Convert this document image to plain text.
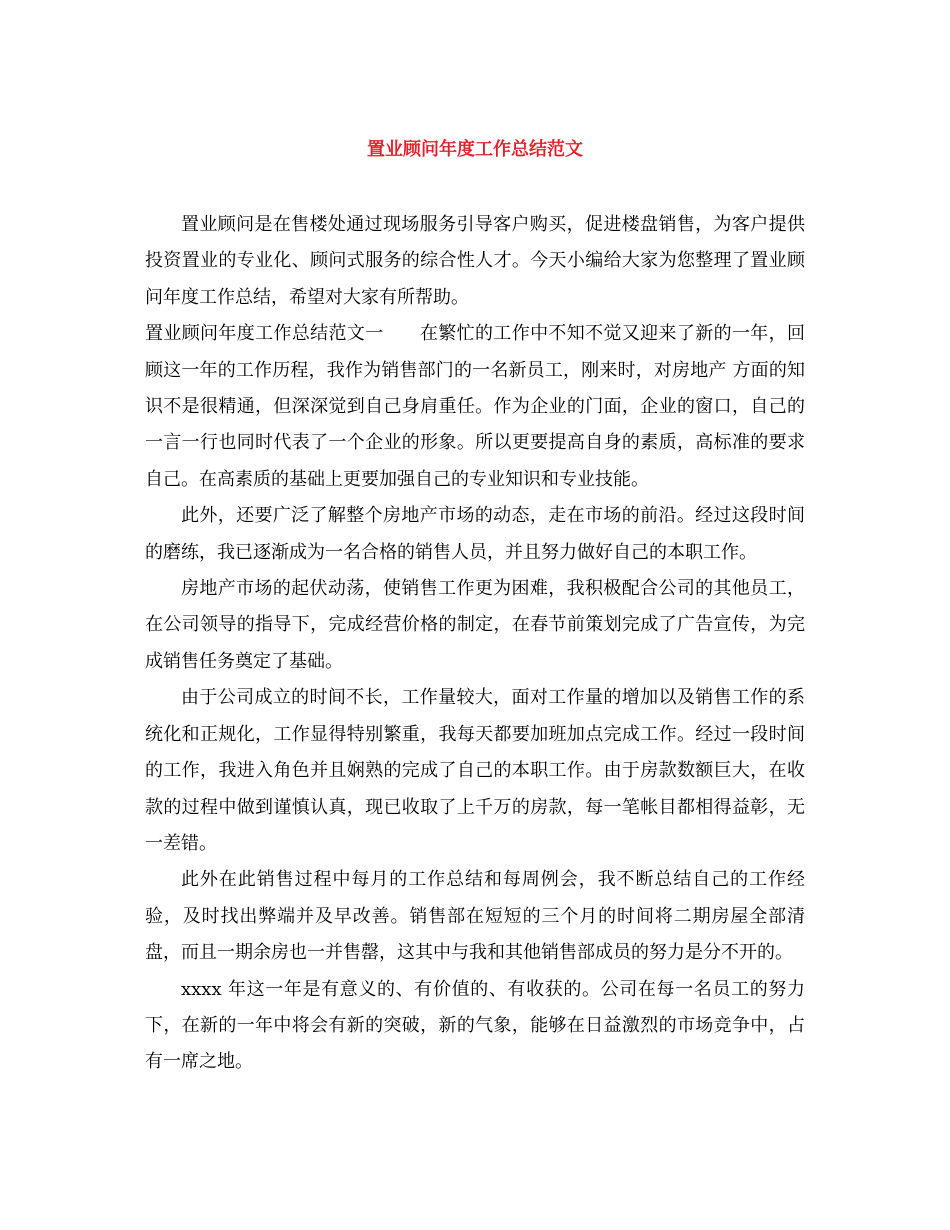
置业顾问年度工作总结范文

置业顾问是在售楼处通过现场服务引导客户购买，促进楼盘销售，为客户提供投资置业的专业化、顾问式服务的综合性人才。今天小编给大家为您整理了置业顾问年度工作总结，希望对大家有所帮助。

置业顾问年度工作总结范文一 在繁忙的工作中不知不觉又迎来了新的一年，回顾这一年的工作历程，我作为销售部门的一名新员工，刚来时，对房地产 方面的知识不是很精通，但深深觉到自己身肩重任。作为企业的门面，企业的窗口，自己的一言一行也同时代表了一个企业的形象。所以更要提高自身的素质，高标准的要求自己。在高素质的基础上更要加强自己的专业知识和专业技能。

此外，还要广泛了解整个房地产市场的动态，走在市场的前沿。经过这段时间的磨练，我已逐渐成为一名合格的销售人员，并且努力做好自己的本职工作。

房地产市场的起伏动荡，使销售工作更为困难，我积极配合公司的其他员工，在公司领导的指导下，完成经营价格的制定，在春节前策划完成了广告宣传，为完成销售任务奠定了基础。

由于公司成立的时间不长，工作量较大，面对工作量的增加以及销售工作的系统化和正规化，工作显得特别繁重，我每天都要加班加点完成工作。经过一段时间的工作，我进入角色并且娴熟的完成了自己的本职工作。由于房款数额巨大，在收款的过程中做到谨慎认真，现已收取了上千万的房款，每一笔帐目都相得益彰，无一差错。

此外在此销售过程中每月的工作总结和每周例会，我不断总结自己的工作经验，及时找出弊端并及早改善。销售部在短短的三个月的时间将二期房屋全部清盘，而且一期余房也一并售罄，这其中与我和其他销售部成员的努力是分不开的。

xxxx 年这一年是有意义的、有价值的、有收获的。公司在每一名员工的努力下，在新的一年中将会有新的突破，新的气象，能够在日益激烈的市场竞争中，占有一席之地。
